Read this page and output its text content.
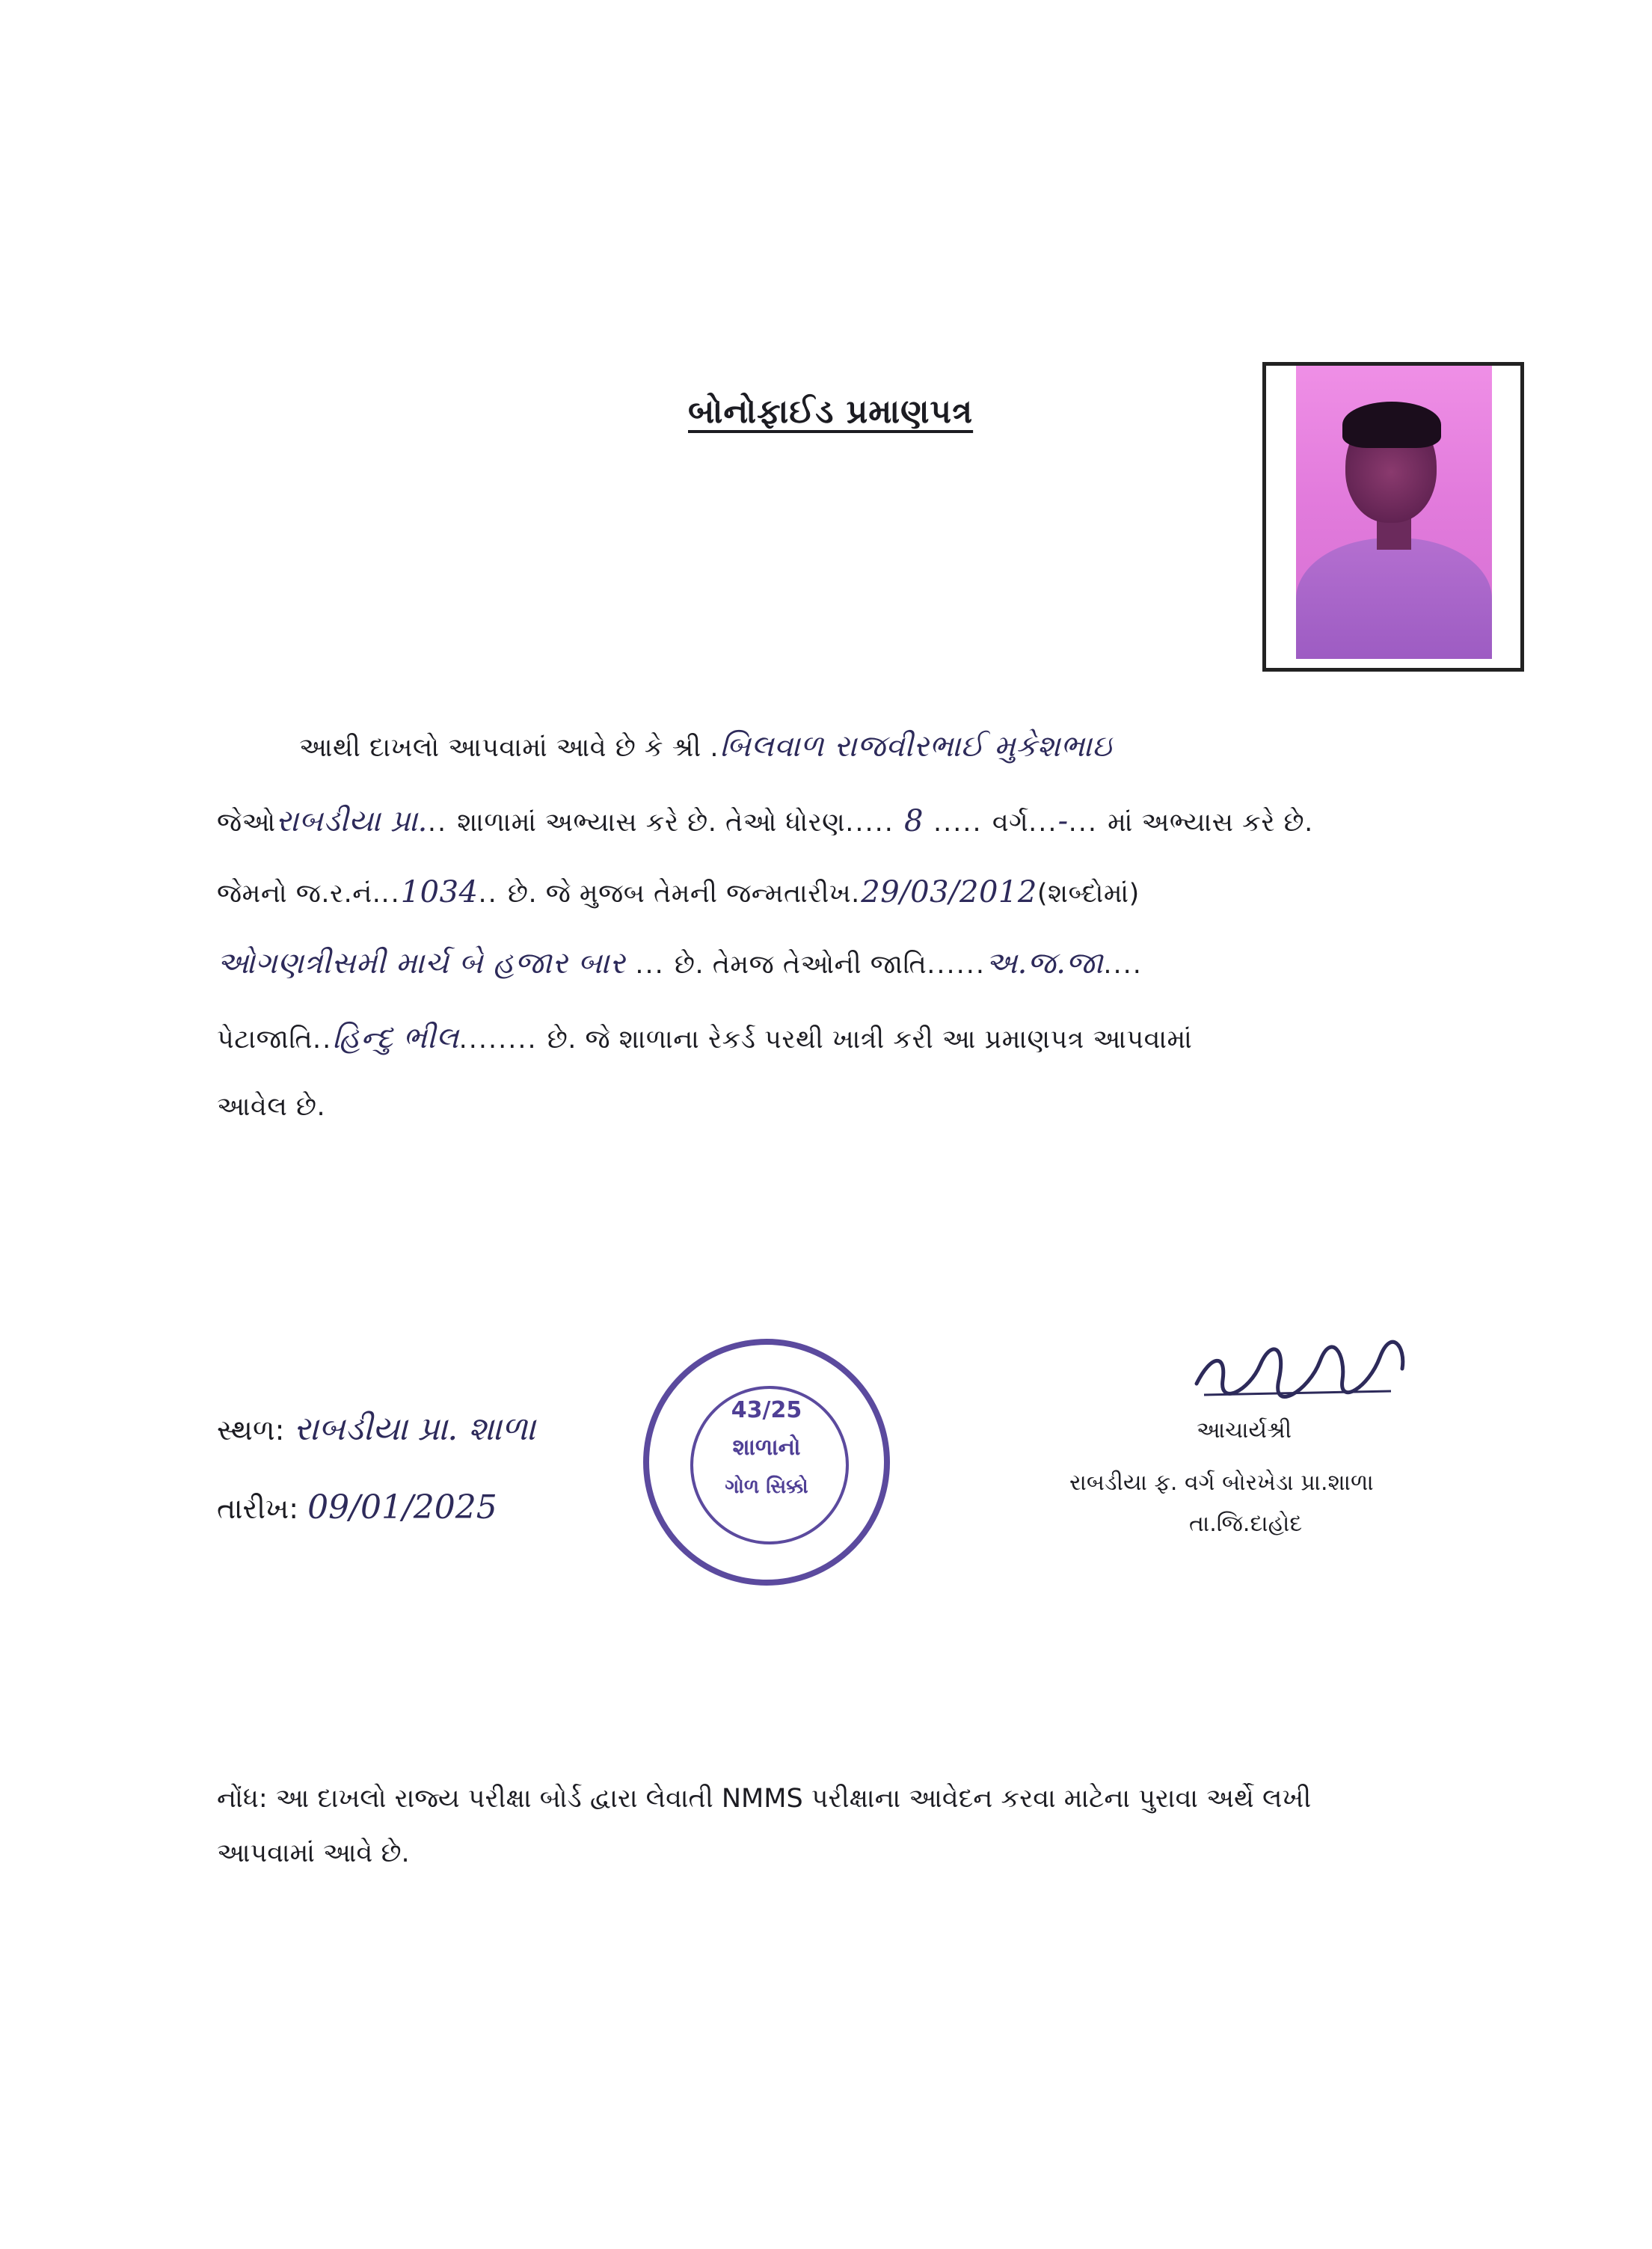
બોનોફાઈડ પ્રમાણપત્ર
આથી દાખલો આપવામાં આવે છે કે શ્રી .બિલવાળ રાજવીરભાઈ મુકેશભાઇ
જેઓરાબડીયા પ્રા... શાળામાં અભ્યાસ કરે છે. તેઓ ધોરણ..... 8 ..... વર્ગ...-... માં અભ્યાસ કરે છે.
જેમનો જ.ર.નં...1034.. છે. જે મુજબ તેમની જન્મતારીખ.29/03/2012(શબ્દોમાં)
ઓગણત્રીસમી માર્ચ બે હજાર બાર ... છે. તેમજ તેઓની જાતિ......અ.જ.જા....
પેટાજાતિ..હિન્દુ ભીલ........ છે. જે શાળાના રેકર્ડ પરથી ખાત્રી કરી આ પ્રમાણપત્ર આપવામાં
આવેલ છે.
સ્થળ: રાબડીયા પ્રા. શાળા
તારીખ: 09/01/2025
43/25
શાળાનો
ગોળ સિક્કો
આચાર્યશ્રી
રાબડીયા ફ. વર્ગ બોરખેડા પ્રા.શાળા
તા.જિ.દાહોદ
નોંધ: આ દાખલો રાજ્ય પરીક્ષા બોર્ડ દ્વારા લેવાતી NMMS પરીક્ષાના આવેદન કરવા માટેના પુરાવા અર્થે લખી
આપવામાં આવે છે.
